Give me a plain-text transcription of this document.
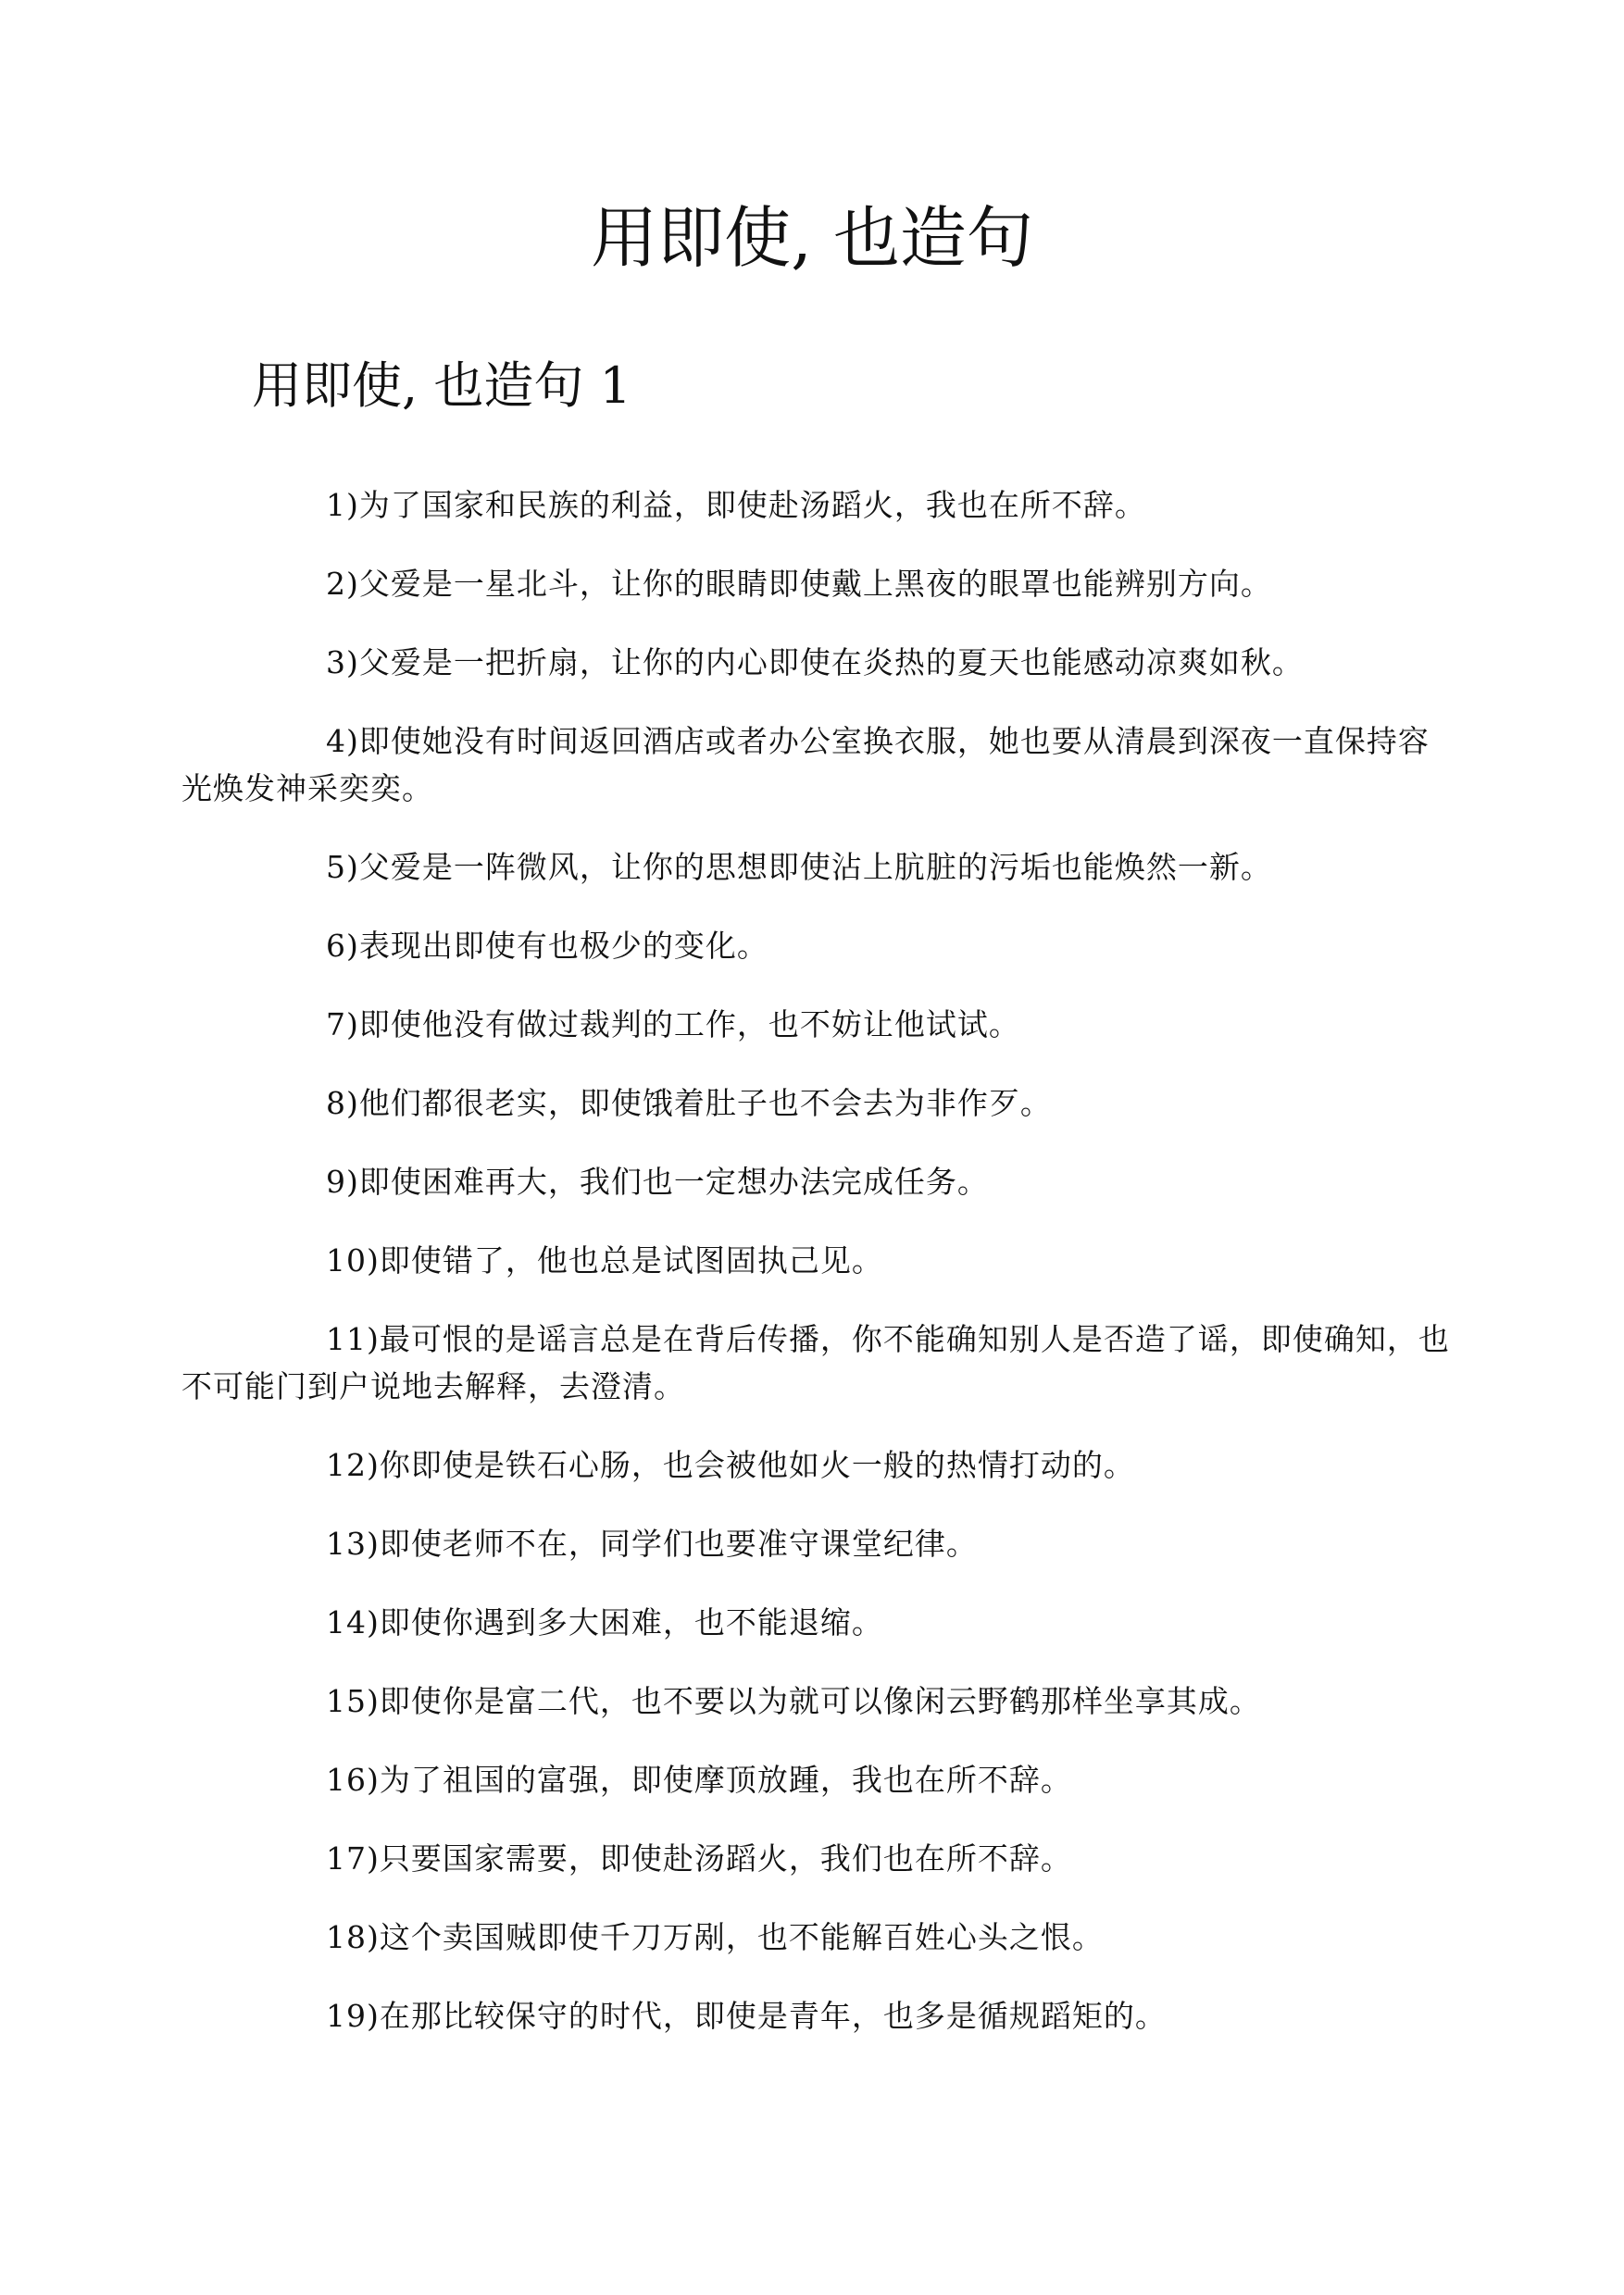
用即使, 也造句
用即使, 也造句 1

1)为了国家和民族的利益，即使赴汤蹈火，我也在所不辞。

2)父爱是一星北斗，让你的眼睛即使戴上黑夜的眼罩也能辨别方向。

3)父爱是一把折扇，让你的内心即使在炎热的夏天也能感动凉爽如秋。

4)即使她没有时间返回酒店或者办公室换衣服，她也要从清晨到深夜一直保持容光焕发神采奕奕。

5)父爱是一阵微风，让你的思想即使沾上肮脏的污垢也能焕然一新。

6)表现出即使有也极少的变化。

7)即使他没有做过裁判的工作，也不妨让他试试。

8)他们都很老实，即使饿着肚子也不会去为非作歹。

9)即使困难再大，我们也一定想办法完成任务。

10)即使错了，他也总是试图固执己见。

11)最可恨的是谣言总是在背后传播，你不能确知别人是否造了谣，即使确知，也不可能门到户说地去解释，去澄清。

12)你即使是铁石心肠，也会被他如火一般的热情打动的。

13)即使老师不在，同学们也要准守课堂纪律。

14)即使你遇到多大困难，也不能退缩。

15)即使你是富二代，也不要以为就可以像闲云野鹤那样坐享其成。

16)为了祖国的富强，即使摩顶放踵，我也在所不辞。

17)只要国家需要，即使赴汤蹈火，我们也在所不辞。

18)这个卖国贼即使千刀万剐，也不能解百姓心头之恨。

19)在那比较保守的时代，即使是青年，也多是循规蹈矩的。
